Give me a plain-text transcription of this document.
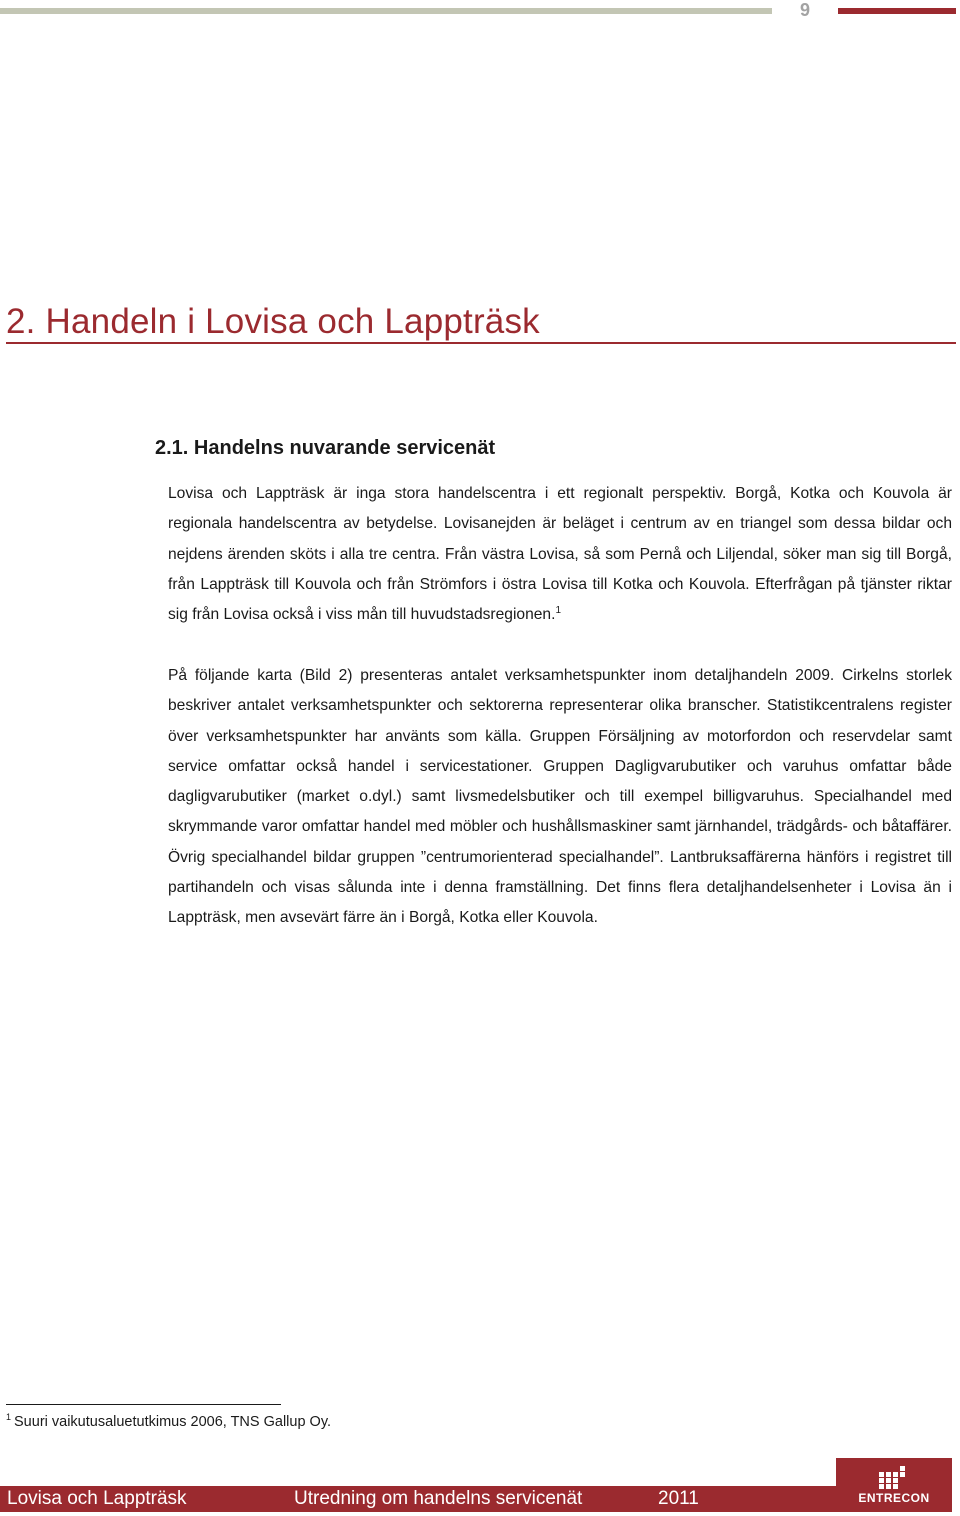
9
2. Handeln i Lovisa och Lappträsk
2.1. Handelns nuvarande servicenät

Lovisa och Lappträsk är inga stora handelscentra i ett regionalt perspektiv. Borgå, Kotka och Kouvola är regionala handelscentra av betydelse. Lovisanejden är beläget i centrum av en triangel som dessa bildar och nejdens ärenden sköts i alla tre centra. Från västra Lovisa, så som Pernå och Liljendal, söker man sig till Borgå, från Lappträsk till Kouvola och från Strömfors i östra Lovisa till Kotka och Kouvola. Efterfrågan på tjänster riktar sig från Lovisa också i viss mån till huvudstadsregionen.$^1$

På följande karta (Bild 2) presenteras antalet verksamhetspunkter inom detaljhandeln 2009. Cirkelns storlek beskriver antalet verksamhetspunkter och sektorerna representerar olika branscher. Statistikcentralens register över verksamhetspunkter har använts som källa. Gruppen Försäljning av motorfordon och reservdelar samt service omfattar också handel i servicestationer. Gruppen Dagligvarubutiker och varuhus omfattar både dagligvarubutiker (market o.dyl.) samt livsmedelsbutiker och till exempel billigvaruhus. Specialhandel med skrymmande varor omfattar handel med möbler och hushållsmaskiner samt järnhandel, trädgårds- och båtaffärer. Övrig specialhandel bildar gruppen ”centrumorienterad specialhandel”. Lantbruksaffärerna hänförs i registret till partihandeln och visas sålunda inte i denna framställning. Det finns flera detaljhandelsenheter i Lovisa än i Lappträsk, men avsevärt färre än i Borgå, Kotka eller Kouvola.

$^1$ Suuri vaikutusaluetutkimus 2006, TNS Gallup Oy.

Lovisa och Lappträsk	Utredning om handelns servicenät	2011	ENTRECON
